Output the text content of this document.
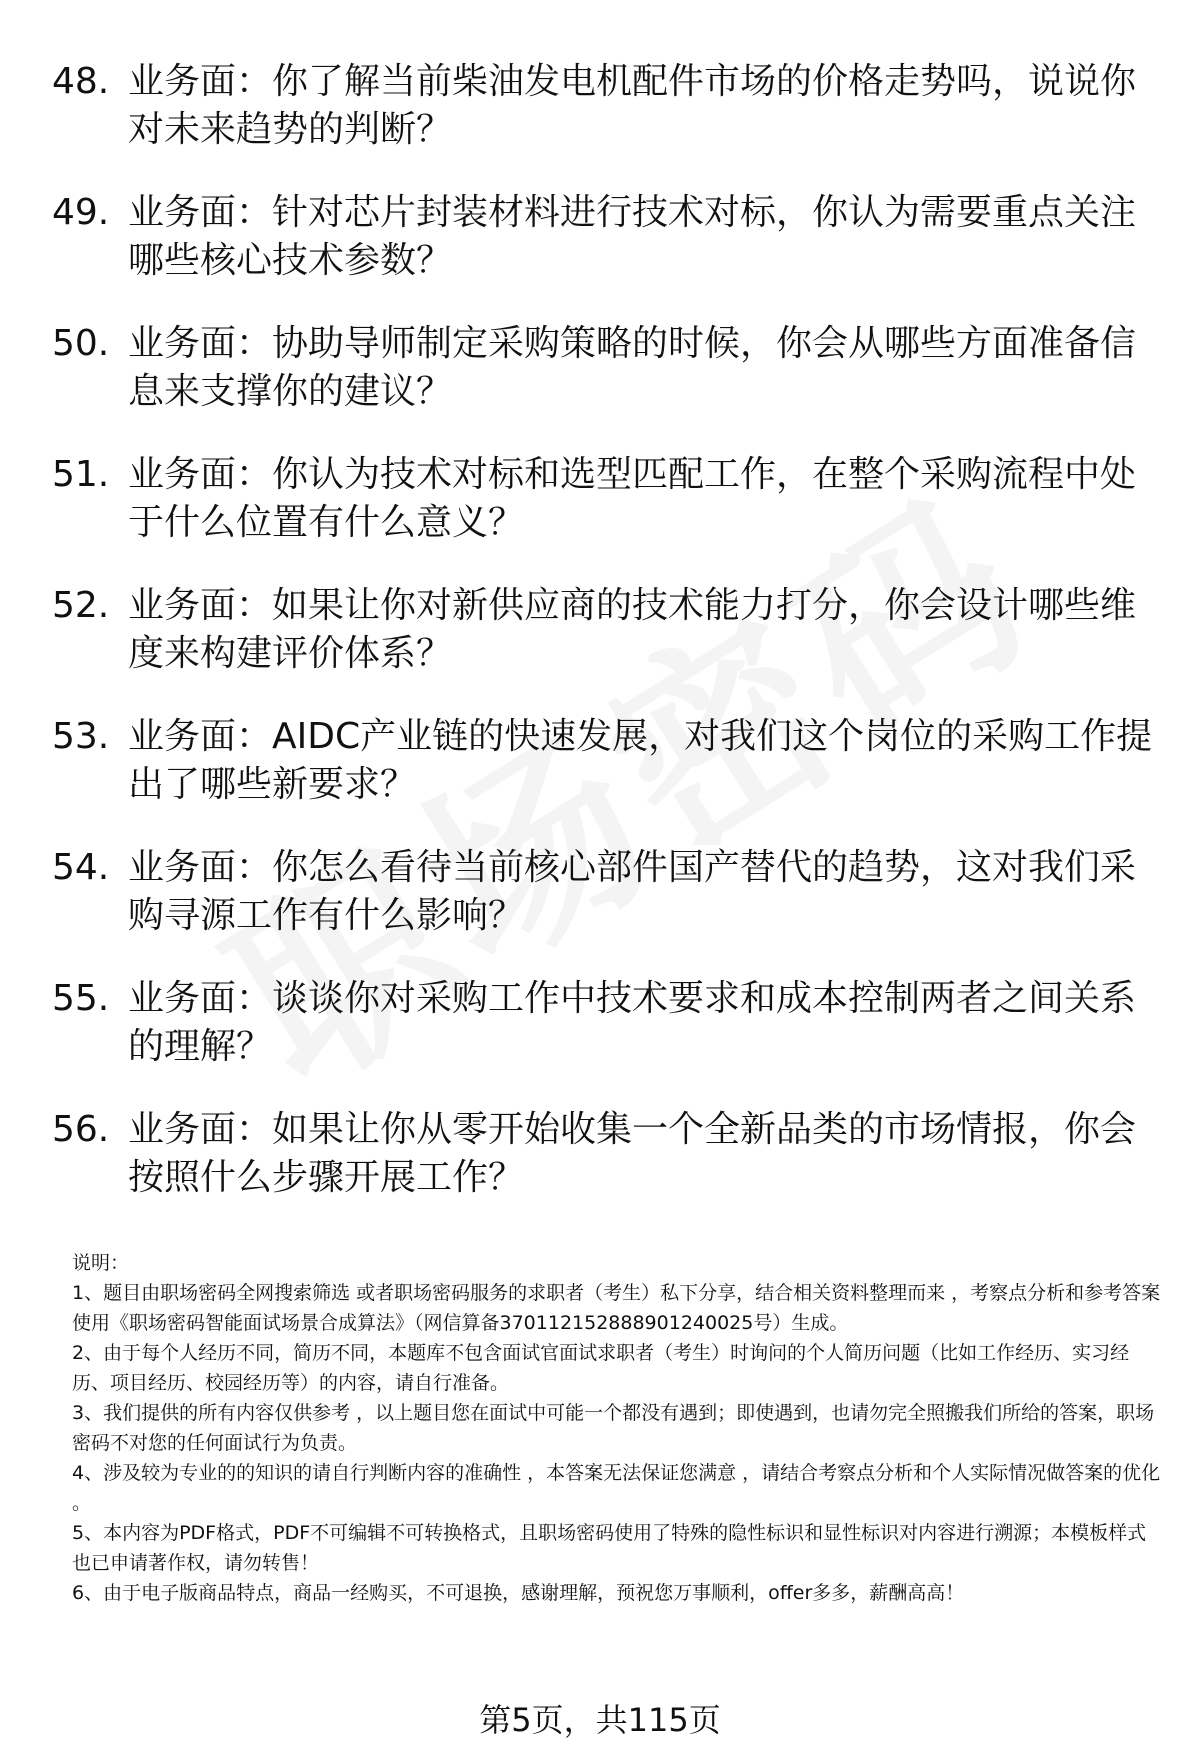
48. 业务面：你了解当前柴油发电机配件市场的价格走势吗，说说你对未来趋势的判断？
49. 业务面：针对芯片封装材料进行技术对标，你认为需要重点关注哪些核心技术参数？
50. 业务面：协助导师制定采购策略的时候，你会从哪些方面准备信息来支撑你的建议？
51. 业务面：你认为技术对标和选型匹配工作，在整个采购流程中处于什么位置有什么意义？
52. 业务面：如果让你对新供应商的技术能力打分，你会设计哪些维度来构建评价体系？
53. 业务面：AIDC产业链的快速发展，对我们这个岗位的采购工作提出了哪些新要求？
54. 业务面：你怎么看待当前核心部件国产替代的趋势，这对我们采购寻源工作有什么影响？
55. 业务面：谈谈你对采购工作中技术要求和成本控制两者之间关系的理解？
56. 业务面：如果让你从零开始收集一个全新品类的市场情报，你会按照什么步骤开展工作？

说明：

1、题目由职场密码全网搜索筛选 或者职场密码服务的求职者（考生）私下分享，结合相关资料整理而来 ，考察点分析和参考答案使用《职场密码智能面试场景合成算法》（网信算备370112152888901240025号）生成。

2、由于每个人经历不同，简历不同，本题库不包含面试官面试求职者（考生）时询问的个人简历问题（比如工作经历、实习经历、项目经历、校园经历等）的内容，请自行准备。

3、我们提供的所有内容仅供参考 ，以上题目您在面试中可能一个都没有遇到；即使遇到，也请勿完全照搬我们所给的答案，职场密码不对您的任何面试行为负责。

4、涉及较为专业的的知识的请自行判断内容的准确性 ，本答案无法保证您满意 ，请结合考察点分析和个人实际情况做答案的优化 。

5、本内容为PDF格式，PDF不可编辑不可转换格式，且职场密码使用了特殊的隐性标识和显性标识对内容进行溯源；本模板样式也已申请著作权，请勿转售！

6、由于电子版商品特点，商品一经购买，不可退换，感谢理解，预祝您万事顺利，offer多多，薪酬高高！

第5页，共115页
